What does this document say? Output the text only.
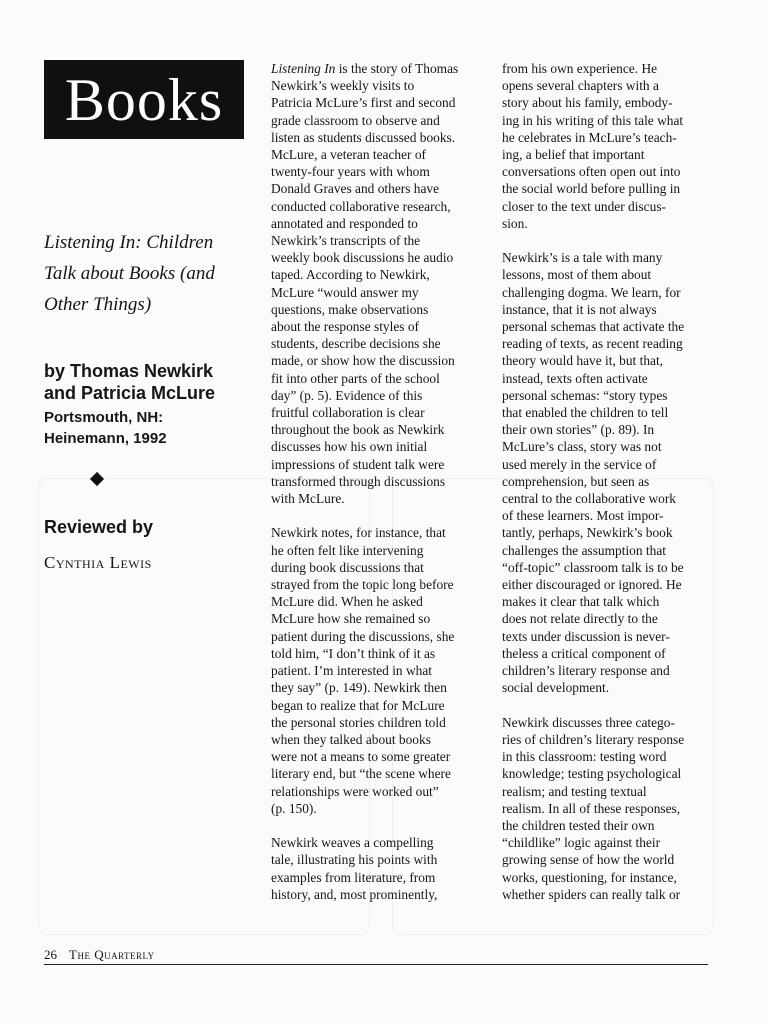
Books
Listening In: Children
Talk about Books (and
Other Things)
by Thomas Newkirk
and Patricia McLure
Portsmouth, NH:
Heinemann, 1992
Reviewed by
Cynthia Lewis
Listening In is the story of Thomas
Newkirk’s weekly visits to
Patricia McLure’s first and second
grade classroom to observe and
listen as students discussed books.
McLure, a veteran teacher of
twenty-four years with whom
Donald Graves and others have
conducted collaborative research,
annotated and responded to
Newkirk’s transcripts of the
weekly book discussions he audio
taped. According to Newkirk,
McLure “would answer my
questions, make observations
about the response styles of
students, describe decisions she
made, or show how the discussion
fit into other parts of the school
day” (p. 5). Evidence of this
fruitful collaboration is clear
throughout the book as Newkirk
discusses how his own initial
impressions of student talk were
transformed through discussions
with McLure.
Newkirk notes, for instance, that
he often felt like intervening
during book discussions that
strayed from the topic long before
McLure did. When he asked
McLure how she remained so
patient during the discussions, she
told him, “I don’t think of it as
patient. I’m interested in what
they say” (p. 149). Newkirk then
began to realize that for McLure
the personal stories children told
when they talked about books
were not a means to some greater
literary end, but “the scene where
relationships were worked out”
(p. 150).
Newkirk weaves a compelling
tale, illustrating his points with
examples from literature, from
history, and, most prominently,
from his own experience. He
opens several chapters with a
story about his family, embody-
ing in his writing of this tale what
he celebrates in McLure’s teach-
ing, a belief that important
conversations often open out into
the social world before pulling in
closer to the text under discus-
sion.
Newkirk’s is a tale with many
lessons, most of them about
challenging dogma. We learn, for
instance, that it is not always
personal schemas that activate the
reading of texts, as recent reading
theory would have it, but that,
instead, texts often activate
personal schemas: “story types
that enabled the children to tell
their own stories” (p. 89). In
McLure’s class, story was not
used merely in the service of
comprehension, but seen as
central to the collaborative work
of these learners. Most impor-
tantly, perhaps, Newkirk’s book
challenges the assumption that
“off-topic” classroom talk is to be
either discouraged or ignored. He
makes it clear that talk which
does not relate directly to the
texts under discussion is never-
theless a critical component of
children’s literary response and
social development.
Newkirk discusses three catego-
ries of children’s literary response
in this classroom: testing word
knowledge; testing psychological
realism; and testing textual
realism. In all of these responses,
the children tested their own
“childlike” logic against their
growing sense of how the world
works, questioning, for instance,
whether spiders can really talk or
26 The Quarterly
